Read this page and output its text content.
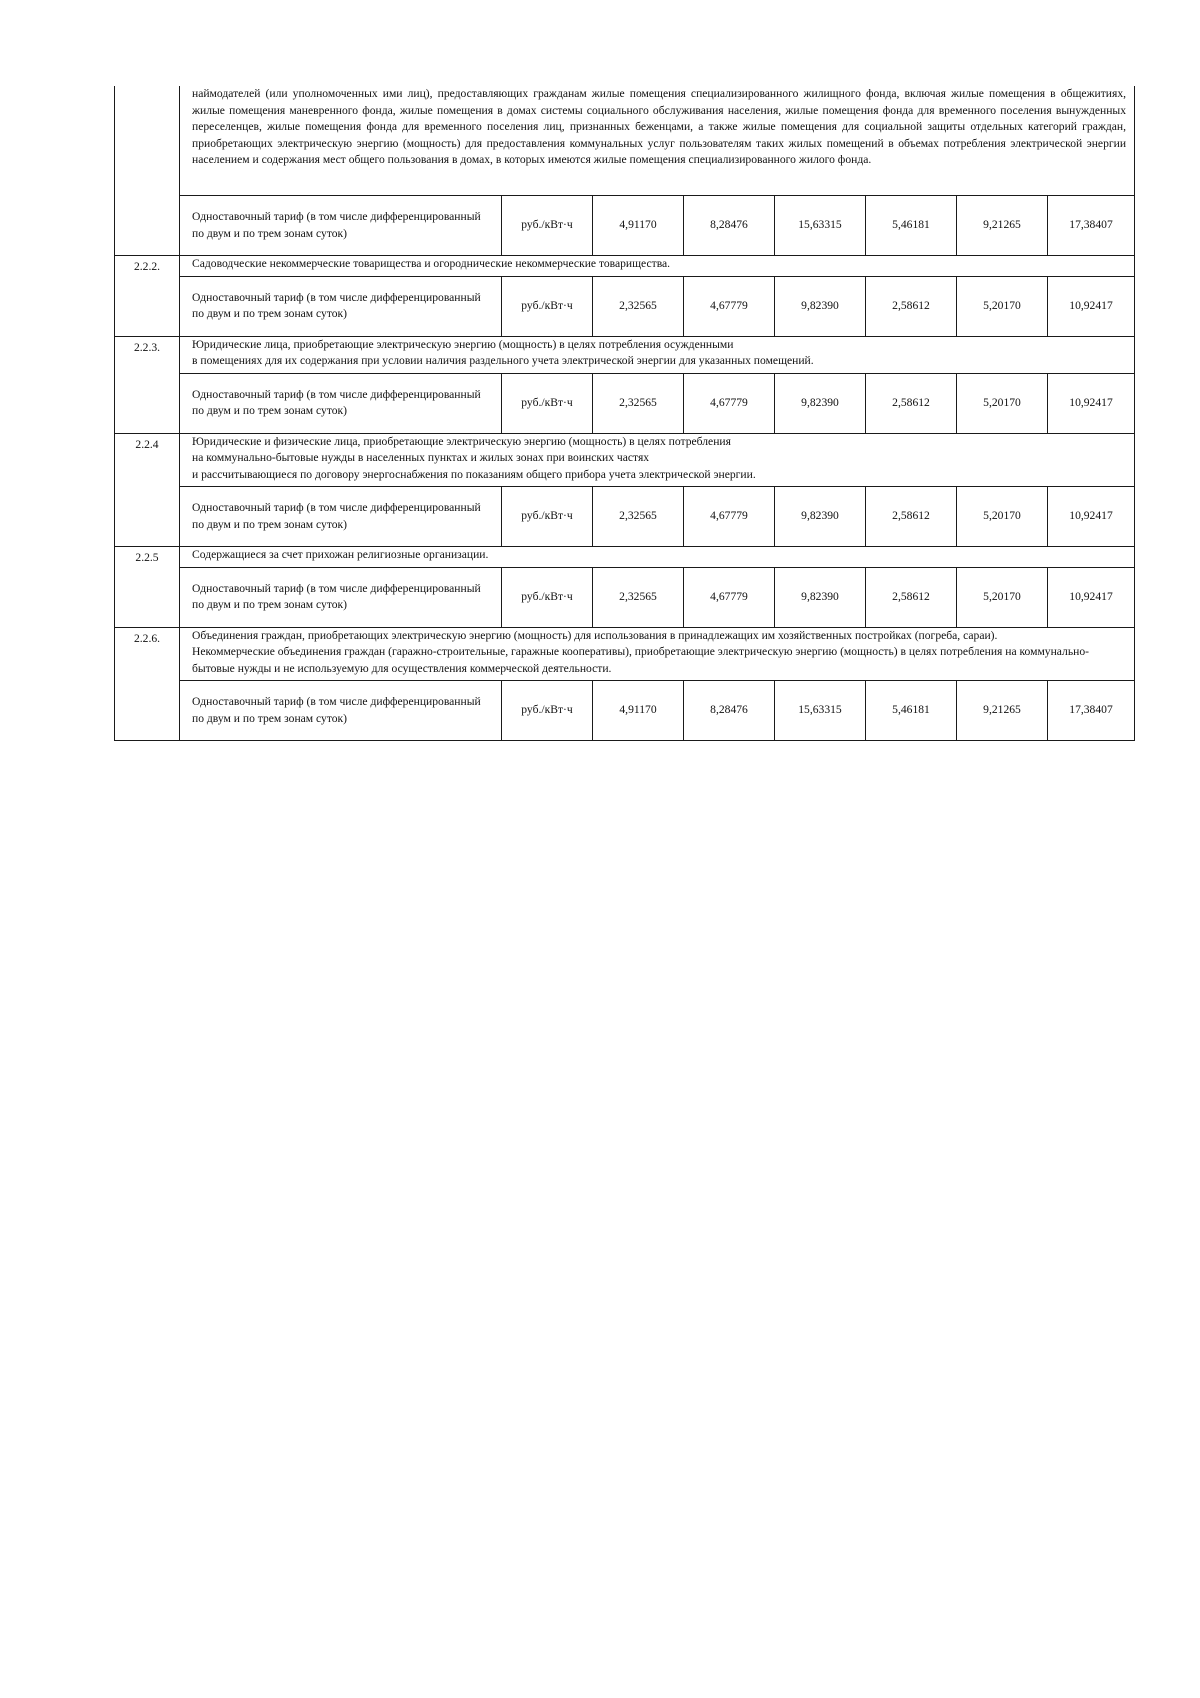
	наймодателей (или уполномоченных ими лиц), предоставляющих гражданам жилые помещения специализированного жилищного фонда, включая жилые помещения в общежитиях, жилые помещения маневренного фонда, жилые помещения в домах системы социального обслуживания населения, жилые помещения фонда для временного поселения вынужденных переселенцев, жилые помещения фонда для временного поселения лиц, признанных беженцами, а также жилые помещения для социальной защиты отдельных категорий граждан, приобретающих электрическую энергию (мощность) для предоставления коммунальных услуг пользователям таких жилых помещений в объемах потребления электрической энергии населением и содержания мест общего пользования в домах, в которых имеются жилые помещения специализированного жилого фонда.							

	Одноставочный тариф (в том числе дифференцированный по двум и по трем зонам суток)	руб./кВт·ч	4,91170	8,28476	15,63315	5,46181	9,21265	17,38407
2.2.2.	Садоводческие некоммерческие товарищества и огороднические некоммерческие товарищества.							

	Одноставочный тариф (в том числе дифференцированный по двум и по трем зонам суток)	руб./кВт·ч	2,32565	4,67779	9,82390	2,58612	5,20170	10,92417
2.2.3.	Юридические лица, приобретающие электрическую энергию (мощность) в целях потребления осужденными
в помещениях для их содержания при условии наличия раздельного учета электрической энергии для указанных помещений.							

	Одноставочный тариф (в том числе дифференцированный по двум и по трем зонам суток)	руб./кВт·ч	2,32565	4,67779	9,82390	2,58612	5,20170	10,92417
2.2.4	Юридические и физические лица, приобретающие электрическую энергию (мощность) в целях потребления
на коммунально-бытовые нужды в населенных пунктах и жилых зонах при воинских частях
и рассчитывающиеся по договору энергоснабжения по показаниям общего прибора учета электрической энергии.							

	Одноставочный тариф (в том числе дифференцированный по двум и по трем зонам суток)	руб./кВт·ч	2,32565	4,67779	9,82390	2,58612	5,20170	10,92417
2.2.5	Содержащиеся за счет прихожан религиозные организации.							

	Одноставочный тариф (в том числе дифференцированный по двум и по трем зонам суток)	руб./кВт·ч	2,32565	4,67779	9,82390	2,58612	5,20170	10,92417
2.2.6.	Объединения граждан, приобретающих электрическую энергию (мощность) для использования в принадлежащих им хозяйственных постройках (погреба, сараи).
Некоммерческие объединения граждан (гаражно-строительные, гаражные кооперативы), приобретающие электрическую энергию (мощность) в целях потребления на коммунально-бытовые нужды и не используемую для осуществления коммерческой деятельности.							

	Одноставочный тариф (в том числе дифференцированный по двум и по трем зонам суток)	руб./кВт·ч	4,91170	8,28476	15,63315	5,46181	9,21265	17,38407
